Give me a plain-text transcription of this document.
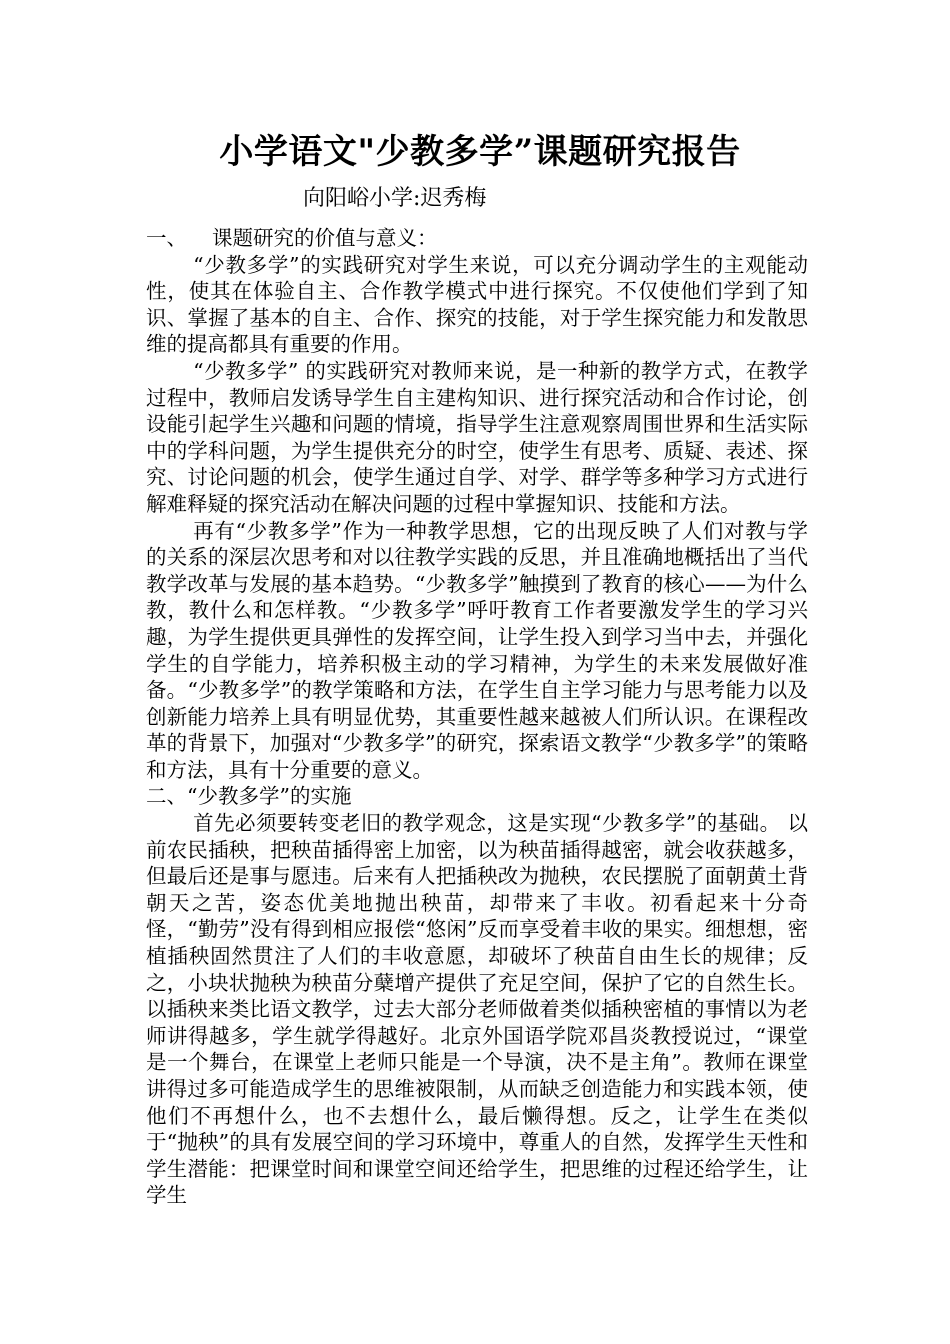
小学语文"少教多学”课题研究报告

向阳峪小学:迟秀梅

一、 课题研究的价值与意义：

“少教多学”的实践研究对学生来说，可以充分调动学生的主观能动性，使其在体验自主、合作教学模式中进行探究。不仅使他们学到了知识、掌握了基本的自主、合作、探究的技能，对于学生探究能力和发散思维的提高都具有重要的作用。

“少教多学” 的实践研究对教师来说，是一种新的教学方式，在教学过程中，教师启发诱导学生自主建构知识、进行探究活动和合作讨论，创设能引起学生兴趣和问题的情境，指导学生注意观察周围世界和生活实际中的学科问题，为学生提供充分的时空，使学生有思考、质疑、表述、探究、讨论问题的机会，使学生通过自学、对学、群学等多种学习方式进行解难释疑的探究活动在解决问题的过程中掌握知识、技能和方法。

再有“少教多学”作为一种教学思想，它的出现反映了人们对教与学的关系的深层次思考和对以往教学实践的反思，并且准确地概括出了当代教学改革与发展的基本趋势。“少教多学”触摸到了教育的核心——为什么教，教什么和怎样教。“少教多学”呼吁教育工作者要激发学生的学习兴趣，为学生提供更具弹性的发挥空间，让学生投入到学习当中去，并强化学生的自学能力，培养积极主动的学习精神，为学生的未来发展做好准备。“少教多学”的教学策略和方法，在学生自主学习能力与思考能力以及创新能力培养上具有明显优势，其重要性越来越被人们所认识。在课程改革的背景下，加强对“少教多学”的研究，探索语文教学“少教多学”的策略和方法，具有十分重要的意义。

二、“少教多学”的实施

首先必须要转变老旧的教学观念，这是实现“少教多学”的基础。 以前农民插秧，把秧苗插得密上加密，以为秧苗插得越密，就会收获越多，但最后还是事与愿违。后来有人把插秧改为抛秧，农民摆脱了面朝黄土背朝天之苦，姿态优美地抛出秧苗，却带来了丰收。初看起来十分奇怪，“勤劳”没有得到相应报偿“悠闲”反而享受着丰收的果实。细想想，密植插秧固然贯注了人们的丰收意愿，却破坏了秧苗自由生长的规律；反之，小块状抛秧为秧苗分蘖增产提供了充足空间，保护了它的自然生长。以插秧来类比语文教学，过去大部分老师做着类似插秧密植的事情以为老师讲得越多，学生就学得越好。北京外国语学院邓昌炎教授说过，“课堂是一个舞台，在课堂上老师只能是一个导演，决不是主角”。教师在课堂讲得过多可能造成学生的思维被限制，从而缺乏创造能力和实践本领，使他们不再想什么，也不去想什么，最后懒得想。反之，让学生在类似于“抛秧”的具有发展空间的学习环境中，尊重人的自然，发挥学生天性和学生潜能：把课堂时间和课堂空间还给学生，把思维的过程还给学生，让学生
